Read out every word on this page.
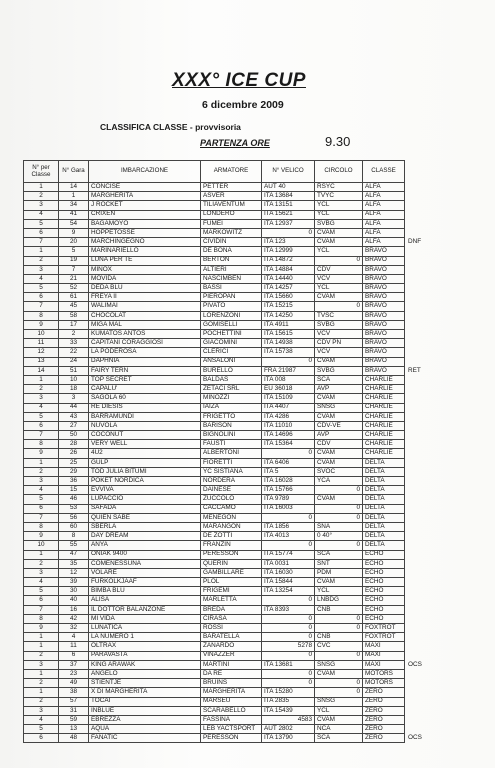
XXX° ICE CUP
6 dicembre 2009
CLASSIFICA CLASSE - provvisoria
PARTENZA ORE	9.30
N° per Classe	N° Gara	IMBARCAZIONE	ARMATORE	N° VELICO	CIRCOLO	CLASSE	
1	14	CONCISE	PETTER	AUT 40	RSYC	ALFA	
2	1	MARGHERITA	ASVER	ITA 13684	TVYC	ALFA	
3	34	J ROCKET	TILIAVENTUM	ITA 13151	YCL	ALFA	
4	41	CRIXEN	LONDERO	ITA 15621	YCL	ALFA	
5	54	BAGAMOYO	FUMEI	ITA 12937	SVBG	ALFA	
6	9	HOPPETOSSE	MARKOWITZ	0	CVAM	ALFA	
7	20	MARCHINGEGNO	CIVIDIN	ITA 123	CVAM	ALFA	DNF
1	5	MARINARIELLO	DE BONA	ITA 12999	YCL	BRAVO	
2	19	LUNA PER TE	BERTON	ITA 14872	0	BRAVO	
3	7	MINOX	ALTIERI	ITA 14884	CDV	BRAVO	
4	21	MOVIDA	NASCIMBEN	ITA 14440	VCV	BRAVO	
5	52	DEDA BLU	BASSI	ITA 14257	YCL	BRAVO	
6	61	FREYA II	PIEROPAN	ITA 15660	CVAM	BRAVO	
7	45	WALIMAI	PIVATO	ITA 15215	0	BRAVO	
8	58	CHOCOLAT	LORENZONI	ITA 14250	TVSC	BRAVO	
9	17	MIGA MAL	GOMISELLI	ITA 4911	SVBG	BRAVO	
10	2	KUMATOS ANTOS	POCHETTINI	ITA 15615	VCV	BRAVO	
11	33	CAPITANI CORAGGIOSI	GIACOMINI	ITA 14938	CDV PN	BRAVO	
12	22	LA PODEROSA	CLERICI	ITA 15738	VCV	BRAVO	
13	24	DAPHNIA	ANSALONI	0	CVAM	BRAVO	
14	51	FAIRY TERN	BURELLO	FRA 21987	SVBG	BRAVO	RET
1	10	TOP SECRET	BALDAS	ITA 008	SCA	CHARLIE	
2	18	CAPALU'	ZETACI SRL	EU 36018	AVP	CHARLIE	
3	3	SAGOLA 60	MINOZZI	ITA 15109	CVAM	CHARLIE	
4	44	RE DIESIS	IAIZA	ITA 4407	SNSG	CHARLIE	
5	43	BARRAMUNDI	FRIGETTO	ITA 4286	CVAM	CHARLIE	
6	27	NUVOLA	BARISON	ITA 11010	CDV-VE	CHARLIE	
7	50	COCONUT	BIGNOLINI	ITA 14696	AVP	CHARLIE	
8	28	VERY WELL	FAUSTI	ITA 15364	CDV	CHARLIE	
9	26	4U2	ALBERTONI	0	CVAM	CHARLIE	
1	25	GULP	FIORETTI	ITA 6406	CVAM	DELTA	
2	29	TOD JULIA BITUMI	YC SISTIANA	ITA 5	SVOC	DELTA	
3	36	POKET NORDICA	NORDERA	ITA 16028	YCA	DELTA	
4	15	EVVIVA	DAINESE	ITA 15766	0	DELTA	
5	46	LUPACCIO	ZUCCOLO	ITA 9789	CVAM	DELTA	
6	53	SAFADA	CACCAMO	ITA 16003	0	DELTA	
7	56	QUIEN SABE	MENEGON	0	0	DELTA	
8	60	SBERLA	MARANGON	ITA 1856	SNA	DELTA	
9	8	DAY DREAM	DE ZOTTI	ITA 4013	0 40°	DELTA	
10	55	ANYA	FRANZIN	0	0	DELTA	
1	47	ONIAK 9400	PERESSON	ITA 15774	SCA	ECHO	
2	35	COMENESSUNA	QUERIN	ITA 0031	SNT	ECHO	
3	12	VOLARE	GAMBILLARE	ITA 16030	PDM	ECHO	
4	39	FURKOLKJAAF	PLOL	ITA 15844	CVAM	ECHO	
5	30	BIMBA BLU	FRIGEMI	ITA 13254	YCL	ECHO	
6	40	ALISA	MARLETTA	0	LNBDG	ECHO	
7	16	IL DOTTOR BALANZONE	BREDA	ITA 8393	CNB	ECHO	
8	42	MI VIDA	CIRASA	0	0	ECHO	
9	32	LUNATICA	ROSSI	0	0	FOXTROT	
1	4	LA NUMERO 1	BARATELLA	0	CNB	FOXTROT	
1	11	OLTRAX	ZANARDO	5278	CVC	MAXI	
2	6	PARAVASTA	VINAZZER	0	0	MAXI	
3	37	KING ARAWAK	MARTINI	ITA 13681	SNSG	MAXI	OCS
1	23	ANGELO	DA RE	0	CVAM	MOTORS	
2	49	STIENTJE	BRUINS	0	0	MOTORS	
1	38	X DI MARGHERITA	MARGHERITA	ITA 15280	0	ZERO	
2	57	TOCAI	MARSEU	ITA 2835	SNSG	ZERO	
3	31	INBLUE	SCARABELLO	ITA 15439	YCL	ZERO	
4	59	EBREZZA	FASSINA	4583	CVAM	ZERO	
5	13	AQUA	LEB YACTSPORT	AUT 2802	NCA	ZERO	
6	48	FANATIC	PERESSON	ITA 13790	SCA	ZERO	OCS
